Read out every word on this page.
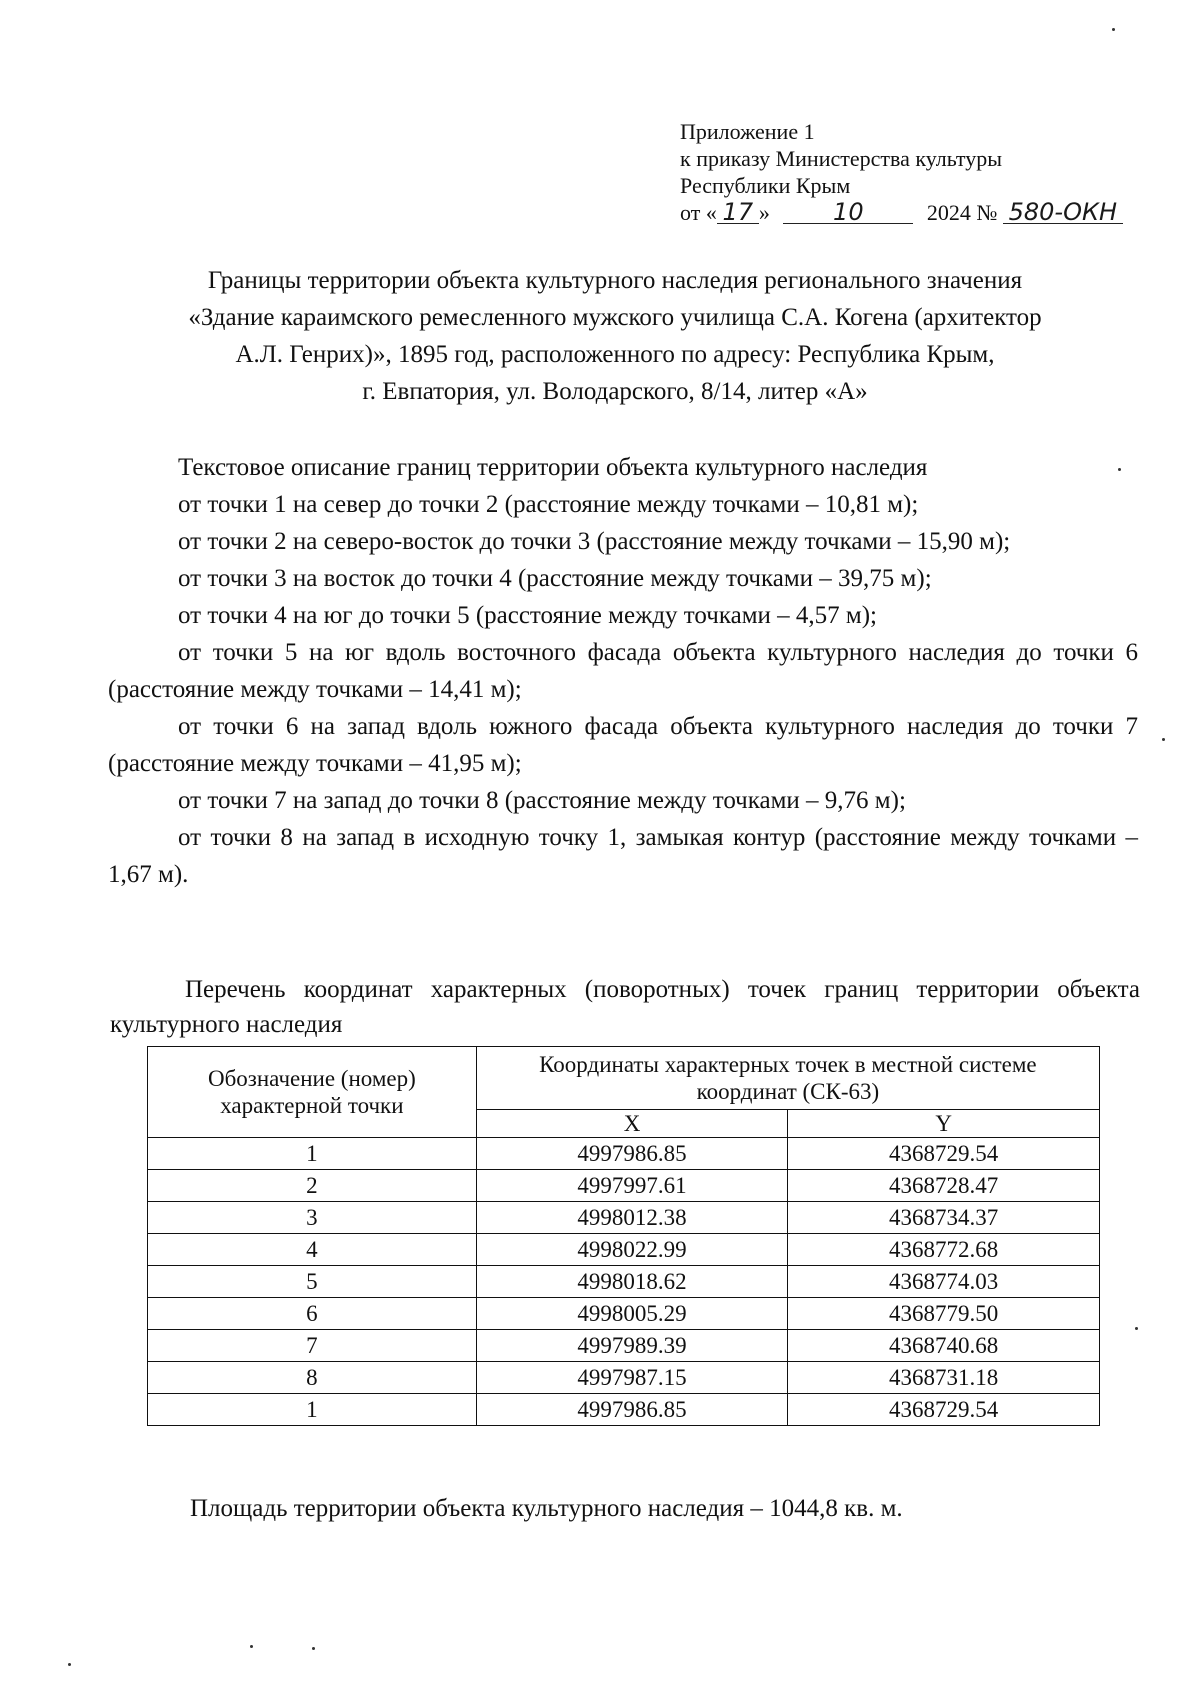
Приложение 1
к приказу Министерства культуры
Республики Крым
от « 17 »	10	2024 № 580-ОКН
Границы территории объекта культурного наследия регионального значения
«Здание караимского ремесленного мужского училища С.А. Когена (архитектор
А.Л. Генрих)», 1895 год, расположенного по адресу: Республика Крым,
г. Евпатория, ул. Володарского, 8/14, литер «А»
Текстовое описание границ территории объекта культурного наследия

от точки 1 на север до точки 2 (расстояние между точками – 10,81 м);

от точки 2 на северо-восток до точки 3 (расстояние между точками – 15,90 м);

от точки 3 на восток до точки 4 (расстояние между точками – 39,75 м);

от точки 4 на юг до точки 5 (расстояние между точками – 4,57 м);

от точки 5 на юг вдоль восточного фасада объекта культурного наследия до точки 6 (расстояние между точками – 14,41 м);

от точки 6 на запад вдоль южного фасада объекта культурного наследия до точки 7 (расстояние между точками – 41,95 м);

от точки 7 на запад до точки 8 (расстояние между точками – 9,76 м);

от точки 8 на запад в исходную точку 1, замыкая контур (расстояние между точками – 1,67 м).

Перечень координат характерных (поворотных) точек границ территории объекта культурного наследия
Обозначение (номер) характерной точки	Координаты характерных точек в местной системе координат (СК-63)	
	X	Y
1	4997986.85	4368729.54
2	4997997.61	4368728.47
3	4998012.38	4368734.37
4	4998022.99	4368772.68
5	4998018.62	4368774.03
6	4998005.29	4368779.50
7	4997989.39	4368740.68
8	4997987.15	4368731.18
1	4997986.85	4368729.54
Площадь территории объекта культурного наследия – 1044,8 кв. м.
